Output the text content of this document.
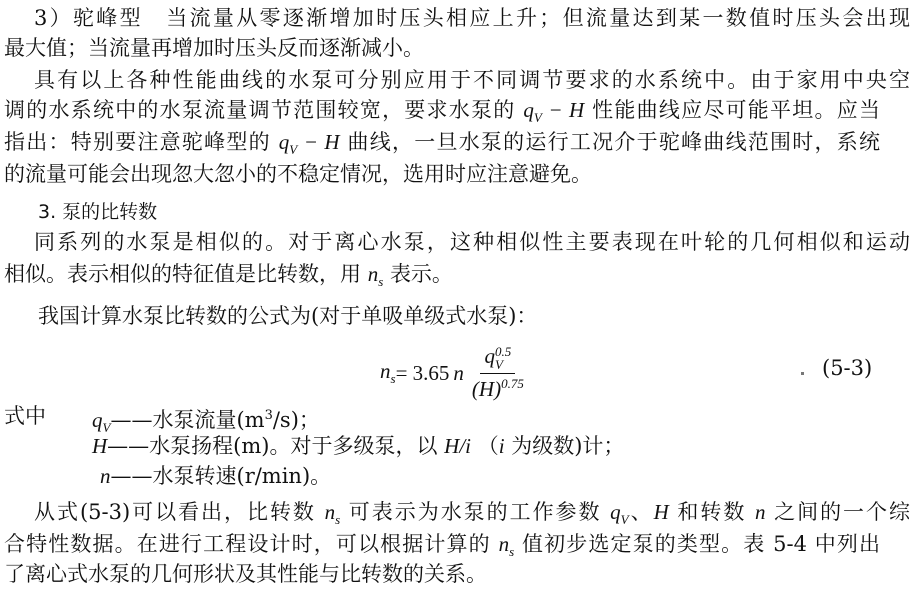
3）驼峰型　当流量从零逐渐增加时压头相应上升；但流量达到某一数值时压头会出现
最大值；当流量再增加时压头反而逐渐减小。
具有以上各种性能曲线的水泵可分别应用于不同调节要求的水系统中。由于家用中央空
调的水系统中的水泵流量调节范围较宽，要求水泵的 $q_V - H$ 性能曲线应尽可能平坦。应当
指出：特别要注意驼峰型的 $q_V - H$ 曲线，一旦水泵的运行工况介于驼峰曲线范围时，系统
的流量可能会出现忽大忽小的不稳定情况，选用时应注意避免。
3. 泵的比转数
同系列的水泵是相似的。对于离心水泵，这种相似性主要表现在叶轮的几何相似和运动
相似。表示相似的特征值是比转数，用 $n_s$ 表示。
我国计算水泵比转数的公式为(对于单吸单级式水泵)：
$n_s = 3.65$ n q 0.5
V
$(H)^{0.75}$	(5-3)
式中 $q_V——$水泵流量$(m^3/s)$；
H——水泵扬程(m)。对于多级泵，以 H/i （i 为级数)计；
n——水泵转速(r/min)。
从式(5-3)可以看出，比转数 $n_s$ 可表示为水泵的工作参数 $q_V$、H 和转数 n 之间的一个综
合特性数据。在进行工程设计时，可以根据计算的 $n_s$ 值初步选定泵的类型。表 5-4 中列出
了离心式水泵的几何形状及其性能与比转数的关系。
